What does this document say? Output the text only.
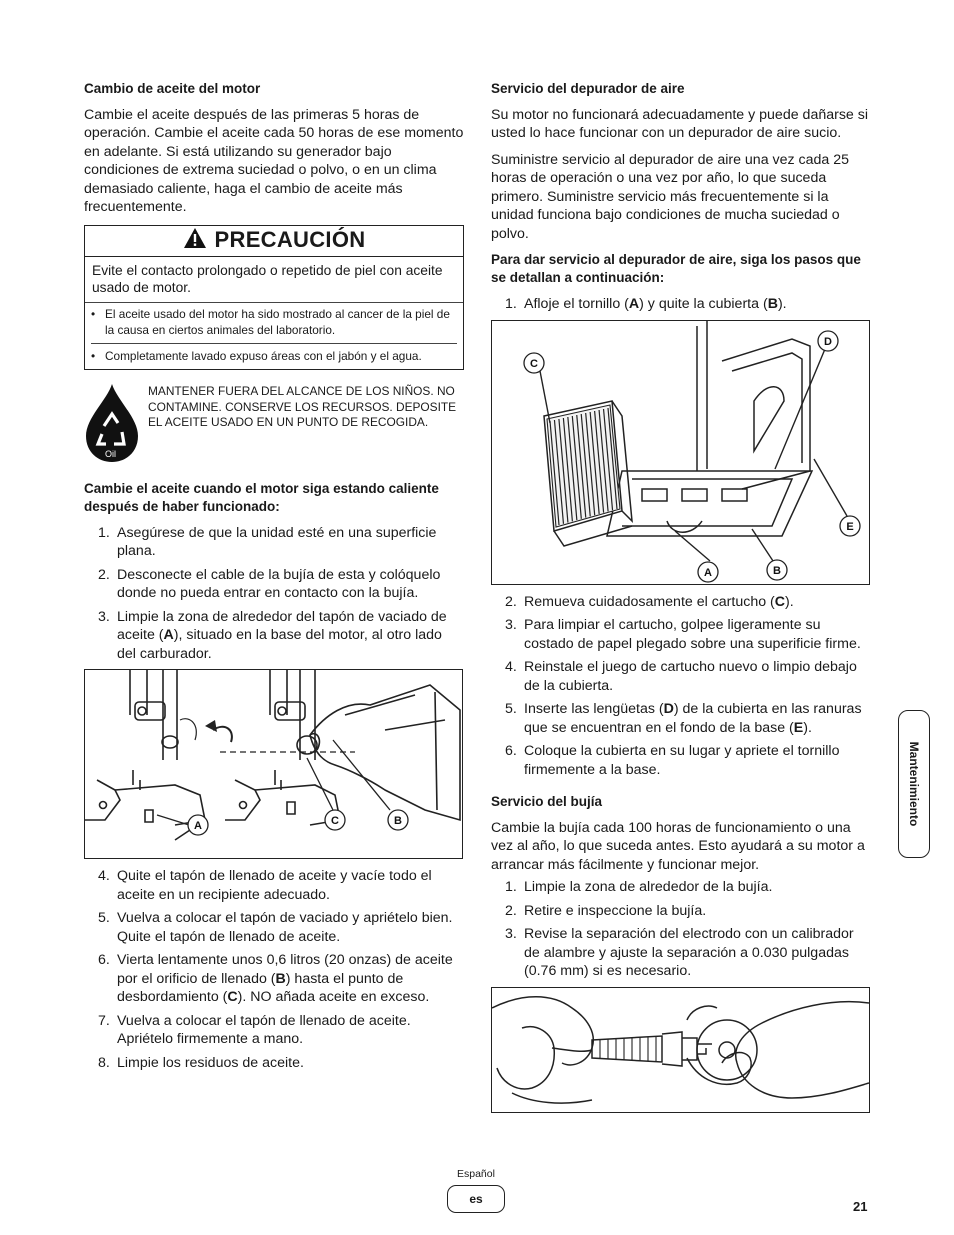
Cambio de aceite del motor

Cambie el aceite después de las primeras 5 horas de operación. Cambie el aceite cada 50 horas de ese momento en adelante. Si está utilizando su generador bajo condiciones de extrema suciedad o polvo, o en un clima demasiado caliente, haga el cambio de aceite más frecuentemente.

PRECAUCIÓN
Evite el contacto prolongado o repetido de piel con aceite usado de motor.
• El aceite usado del motor ha sido mostrado al cancer de la piel de la causa en ciertos animales del laboratorio.
• Completamente lavado expuso áreas con el jabón y el agua.
Oil
MANTENER FUERA DEL ALCANCE DE LOS NIÑOS. NO CONTAMINE. CONSERVE LOS RECURSOS. DEPOSITE EL ACEITE USADO EN UN PUNTO DE RECOGIDA.

Cambie el aceite cuando el motor siga estando caliente después de haber funcionado:

1. Asegúrese de que la unidad esté en una superficie plana.
2. Desconecte el cable de la bujía de esta y colóquelo donde no pueda entrar en contacto con la bujía.
3. Limpie la zona de alrededor del tapón de vaciado de aceite (A), situado en la base del motor, al otro lado del carburador.
A	C	B
4. Quite el tapón de llenado de aceite y vacíe todo el aceite en un recipiente adecuado.
5. Vuelva a colocar el tapón de vaciado y apriételo bien. Quite el tapón de llenado de aceite.
6. Vierta lentamente unos 0,6 litros (20 onzas) de aceite por el orificio de llenado (B) hasta el punto de desbordamiento (C). NO añada aceite en exceso.
7. Vuelva a colocar el tapón de llenado de aceite. Apriételo firmemente a mano.
8. Limpie los residuos de aceite.
Servicio del depurador de aire

Su motor no funcionará adecuadamente y puede dañarse si usted lo hace funcionar con un depurador de aire sucio.

Suministre servicio al depurador de aire una vez cada 25 horas de operación o una vez por año, lo que suceda primero. Suministre servicio más frecuentemente si la unidad funciona bajo condiciones de mucha suciedad o polvo.

Para dar servicio al depurador de aire, siga los pasos que se detallan a continuación:

1. Afloje el tornillo (A) y quite la cubierta (B).
C
D
E
A	B
2. Remueva cuidadosamente el cartucho (C).
3. Para limpiar el cartucho, golpee ligeramente su costado de papel plegado sobre una superificie firme.
4. Reinstale el juego de cartucho nuevo o limpio debajo de la cubierta.
5. Inserte las lengüetas (D) de la cubierta en las ranuras que se encuentran en el fondo de la base (E).
6. Coloque la cubierta en su lugar y apriete el tornillo firmemente a la base.
Servicio del bujía

Cambie la bujía cada 100 horas de funcionamiento o una vez al año, lo que suceda antes. Esto ayudará a su motor a arrancar más fácilmente y funcionar mejor.

1. Limpie la zona de alrededor de la bujía.
2. Retire e inspeccione la bujía.
3. Revise la separación del electrodo con un calibrador de alambre y ajuste la separación a 0.030 pulgadas (0.76 mm) si es necesario.
Mantenimiento
Español
es	21
